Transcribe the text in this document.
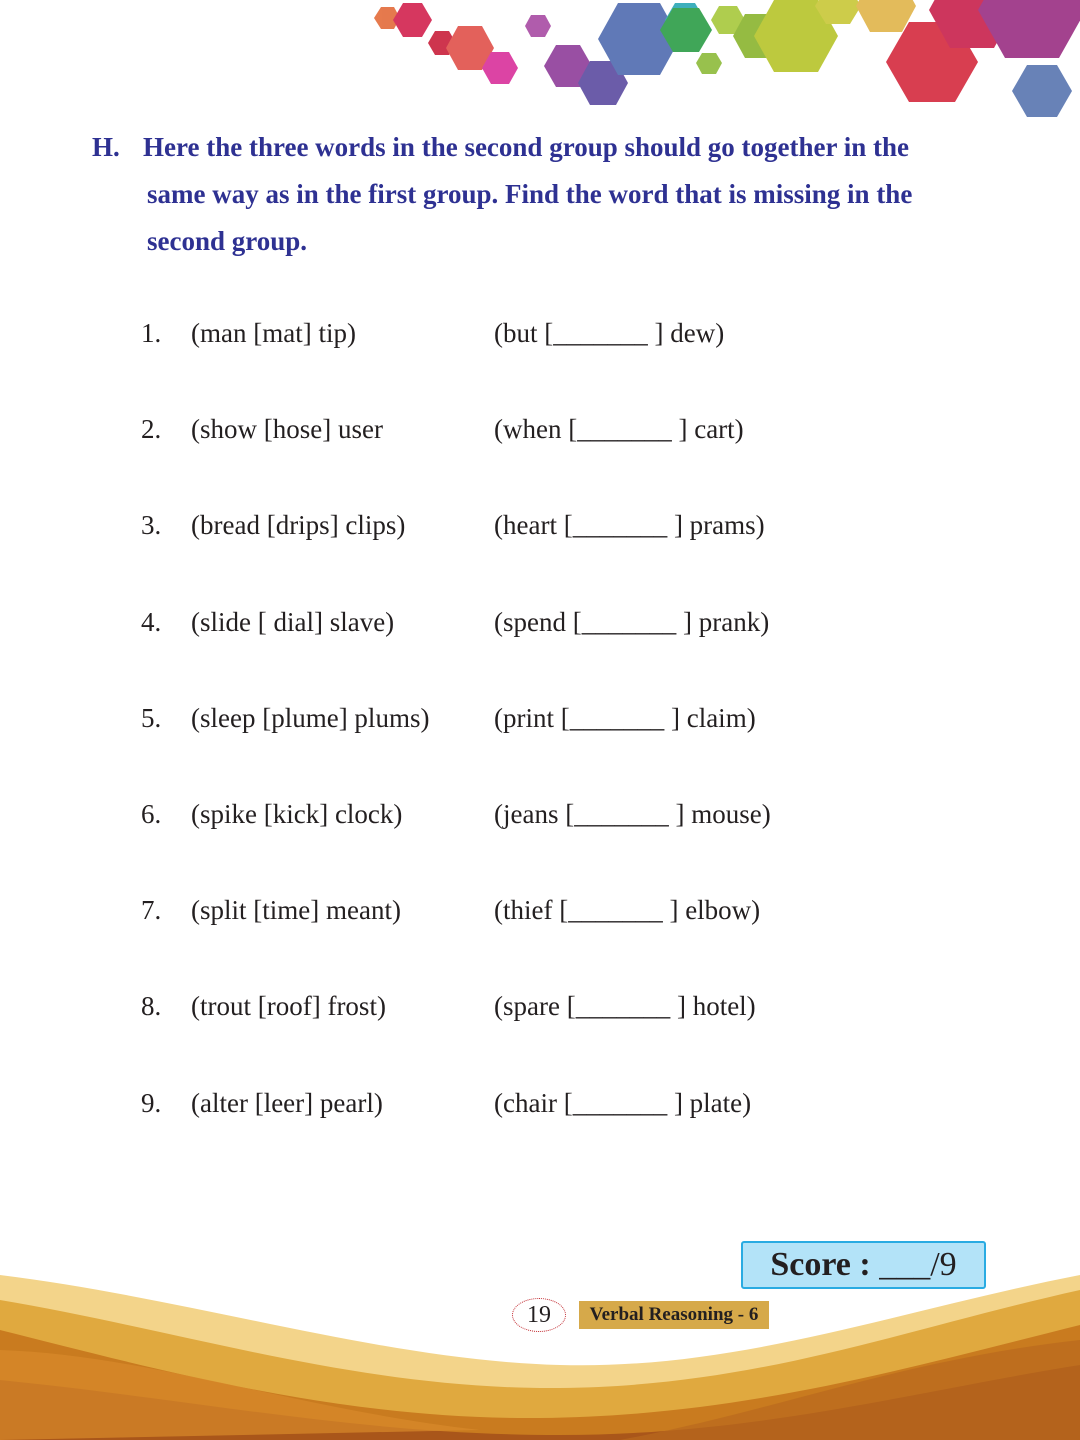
H. Here the three words in the second group should go together in the
same way as in the first group. Find the word that is missing in the
second group.
1. (man [mat] tip)	(but [_______ ] dew)
2. (show [hose] user	(when [_______ ] cart)
3. (bread [drips] clips)	(heart [_______ ] prams)
4. (slide [ dial] slave)	(spend [_______ ] prank)
5. (sleep [plume] plums) (print [_______ ] claim)
6. (spike [kick] clock)	(jeans [_______ ] mouse)
7. (split [time] meant)	(thief [_______ ] elbow)
8. (trout [roof] frost)	(spare [_______ ] hotel)
9. (alter [leer] pearl)	(chair [_______ ] plate)
Score : ___/9
19	Verbal Reasoning - 6
